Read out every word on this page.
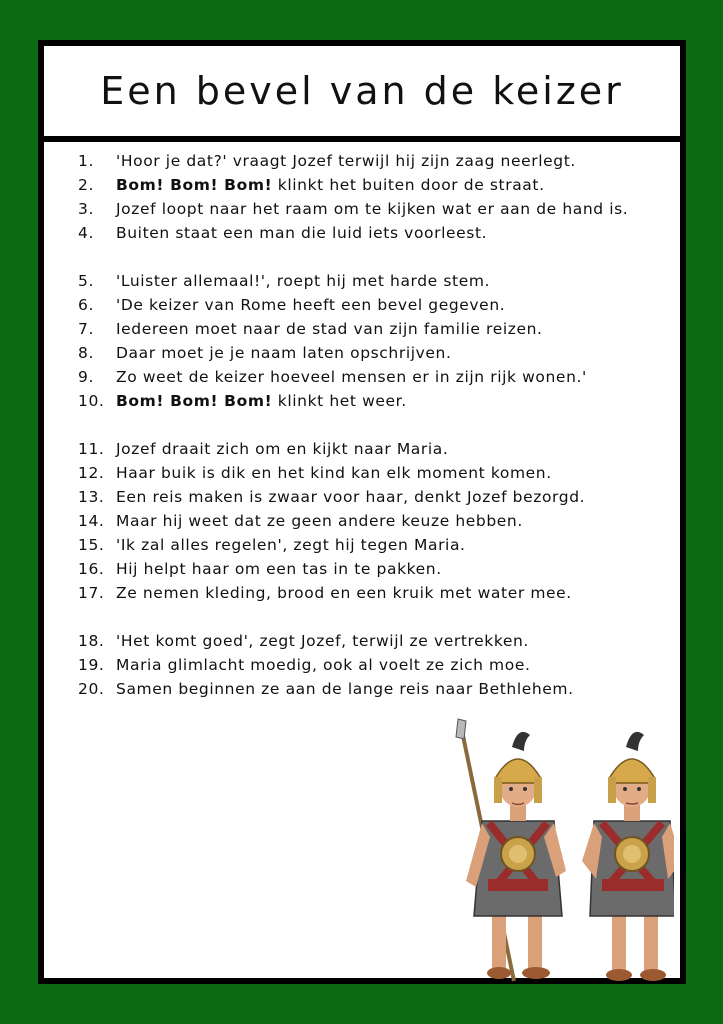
Een bevel van de keizer
1.	'Hoor je dat?' vraagt Jozef terwijl hij zijn zaag neerlegt.
2.	Bom! Bom! Bom! klinkt het buiten door de straat.
3.	Jozef loopt naar het raam om te kijken wat er aan de hand is.
4.	Buiten staat een man die luid iets voorleest.
5.	'Luister allemaal!', roept hij met harde stem.
6.	'De keizer van Rome heeft een bevel gegeven.
7.	Iedereen moet naar de stad van zijn familie reizen.
8.	Daar moet je je naam laten opschrijven.
9.	Zo weet de keizer hoeveel mensen er in zijn rijk wonen.'
10. Bom! Bom! Bom! klinkt het weer.
11. Jozef draait zich om en kijkt naar Maria.
12. Haar buik is dik en het kind kan elk moment komen.
13. Een reis maken is zwaar voor haar, denkt Jozef bezorgd.
14. Maar hij weet dat ze geen andere keuze hebben.
15. 'Ik zal alles regelen', zegt hij tegen Maria.
16. Hij helpt haar om een tas in te pakken.
17. Ze nemen kleding, brood en een kruik met water mee.
18. 'Het komt goed', zegt Jozef, terwijl ze vertrekken.
19. Maria glimlacht moedig, ook al voelt ze zich moe.
20. Samen beginnen ze aan de lange reis naar Bethlehem.
